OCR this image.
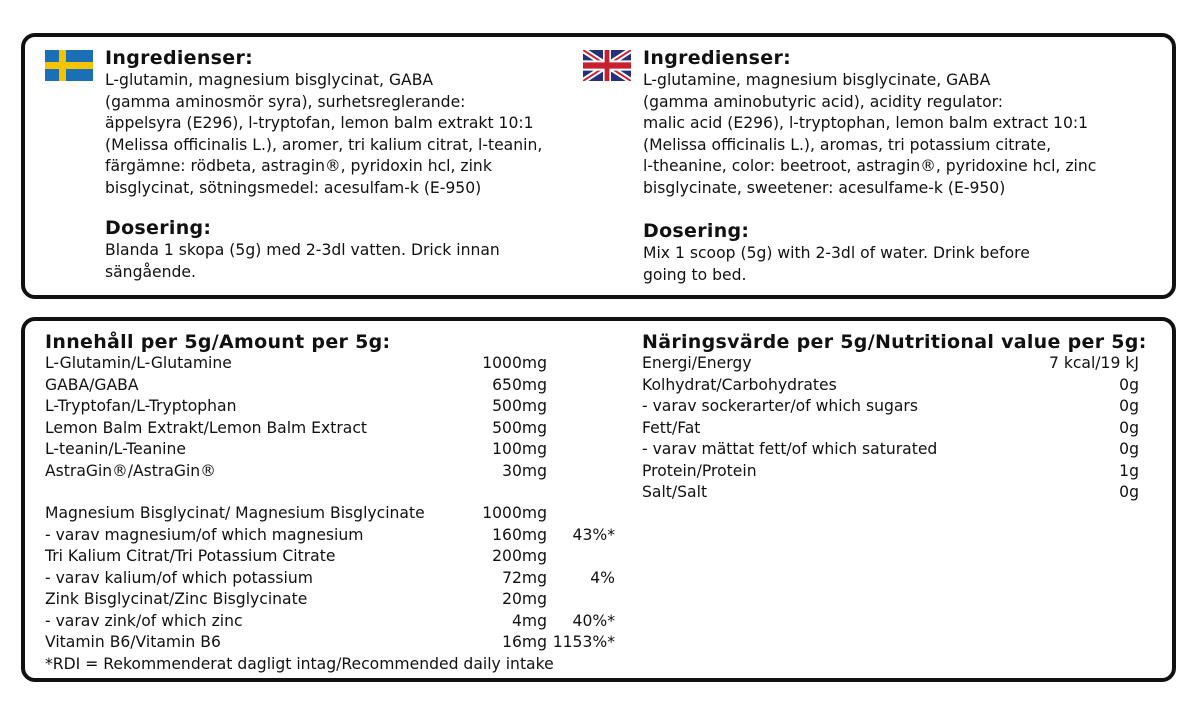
Ingredienser:
L-glutamin, magnesium bisglycinat, GABA
(gamma aminosmör syra), surhetsreglerande:
äppelsyra (E296), l-tryptofan, lemon balm extrakt 10:1
(Melissa officinalis L.), aromer, tri kalium citrat, l-teanin,
färgämne: rödbeta, astragin®, pyridoxin hcl, zink
bisglycinat, sötningsmedel: acesulfam-k (E-950)
Dosering:
Blanda 1 skopa (5g) med 2-3dl vatten. Drick innan
sängående.
Ingredienser:
L-glutamine, magnesium bisglycinate, GABA
(gamma aminobutyric acid), acidity regulator:
malic acid (E296), l-tryptophan, lemon balm extract 10:1
(Melissa officinalis L.), aromas, tri potassium citrate,
l-theanine, color: beetroot, astragin®, pyridoxine hcl, zinc
bisglycinate, sweetener: acesulfame-k (E-950)
Dosering:
Mix 1 scoop (5g) with 2-3dl of water. Drink before
going to bed.
Innehåll per 5g/Amount per 5g:
L-Glutamin/L-Glutamine	1000mg
GABA/GABA	650mg
L-Tryptofan/L-Tryptophan	500mg
Lemon Balm Extrakt/Lemon Balm Extract	500mg
L-teanin/L-Teanine	100mg
AstraGin®/AstraGin®	30mg
Magnesium Bisglycinat/ Magnesium Bisglycinate	1000mg
- varav magnesium/of which magnesium	160mg 43%*
Tri Kalium Citrat/Tri Potassium Citrate	200mg
- varav kalium/of which potassium	72mg	4%
Zink Bisglycinat/Zinc Bisglycinate	20mg
- varav zink/of which zinc	4mg 40%*
Vitamin B6/Vitamin B6	16mg 1153%*
*RDI = Rekommenderat dagligt intag/Recommended daily intake
Näringsvärde per 5g/Nutritional value per 5g:
Energi/Energy	7 kcal/19 kJ
Kolhydrat/Carbohydrates	0g
- varav sockerarter/of which sugars	0g
Fett/Fat	0g
- varav mättat fett/of which saturated	0g
Protein/Protein	1g
Salt/Salt	0g
